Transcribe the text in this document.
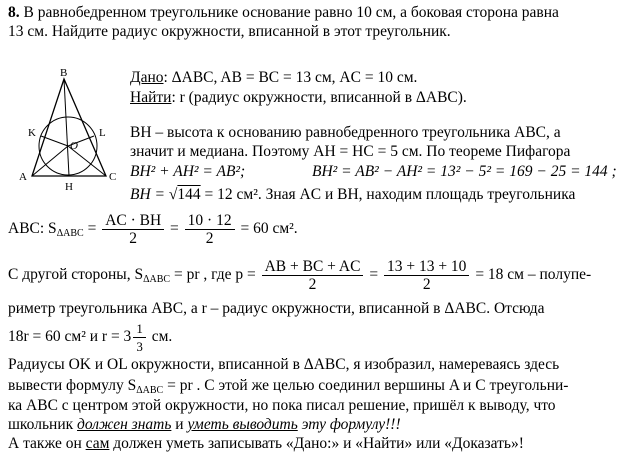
8. В равнобедренном треугольнике основание равно 10 см, а боковая сторона равна
13 см. Найдите радиус окружности, вписанной в этот треугольник.
B
K	L
O
A
H
C
Дано: ΔABC, AB = BC = 13 см, AC = 10 см.
Найти: r (радиус окружности, вписанной в ΔABC).
BH – высота к основанию равнобедренного треугольника ABC, а
значит и медиана. Поэтому AH = HC = 5 см. По теореме Пифагора
BH² + AH² = AB²;	BH² = AB² − AH² = 13² − 5² = 169 − 25 = 144 ;
BH = √144 = 12 см². Зная AC и BH, находим площадь треугольника
ABC: $S_{\Delta ABC} = \frac{AC \cdot BH}{2} = \frac{10 \cdot 12}{2} = 60$ см².
С другой стороны, $S_{\Delta ABC}$ = pr , где $p = \frac{AB + BC + AC}{2} = \frac{13 + 13 + 10}{2} = 18$ см – полупе-
риметр треугольника ABC, а r – радиус окружности, вписанной в ΔABC. Отсюда
18r = 60 см² и $r = 3 \frac{1}{3}$ см.
Радиусы OK и OL окружности, вписанной в ΔABC, я изобразил, намереваясь здесь
вывести формулу $S_{\Delta ABC}$ = pr . С этой же целью соединил вершины A и C треугольни-
ка ABC с центром этой окружности, но пока писал решение, пришёл к выводу, что
школьник должен знать и уметь выводить эту формулу!!!
А также он сам должен уметь записывать «Дано:» и «Найти» или «Доказать»!
